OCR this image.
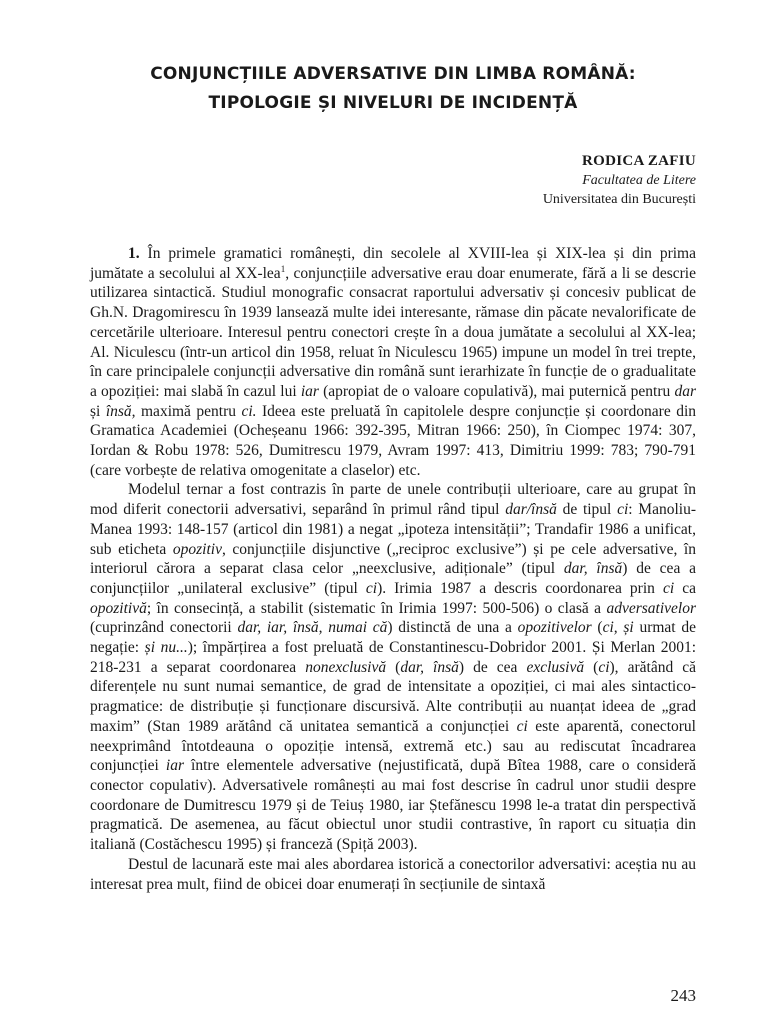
CONJUNCȚIILE ADVERSATIVE DIN LIMBA ROMÂNĂ:
TIPOLOGIE ȘI NIVELURI DE INCIDENȚĂ
RODICA ZAFIU
Facultatea de Litere
Universitatea din București

1. În primele gramatici românești, din secolele al XVIII-lea și XIX-lea și din prima jumătate a secolului al XX-lea$^1$, conjuncțiile adversative erau doar enumerate, fără a li se descrie utilizarea sintactică. Studiul monografic consacrat raportului adversativ și concesiv publicat de Gh.N. Dragomirescu în 1939 lansează multe idei interesante, rămase din păcate nevalorificate de cercetările ulterioare. Interesul pentru conectori crește în a doua jumătate a secolului al XX-lea; Al. Niculescu (într-un articol din 1958, reluat în Niculescu 1965) impune un model în trei trepte, în care principalele conjuncții adversative din română sunt ierarhizate în funcție de o gradualitate a opoziției: mai slabă în cazul lui iar (apropiat de o valoare copulativă), mai puternică pentru dar și însă, maximă pentru ci. Ideea este preluată în capitolele despre conjuncție și coordonare din Gramatica Academiei (Ocheșeanu 1966: 392-395, Mitran 1966: 250), în Ciompec 1974: 307, Iordan & Robu 1978: 526, Dumitrescu 1979, Avram 1997: 413, Dimitriu 1999: 783; 790-791 (care vorbește de relativa omogenitate a claselor) etc.

Modelul ternar a fost contrazis în parte de unele contribuții ulterioare, care au grupat în mod diferit conectorii adversativi, separând în primul rând tipul dar/însă de tipul ci: Manoliu-Manea 1993: 148-157 (articol din 1981) a negat „ipoteza intensității”; Trandafir 1986 a unificat, sub eticheta opozitiv, conjuncțiile disjunctive („reciproc exclusive”) și pe cele adversative, în interiorul cărora a separat clasa celor „neexclusive, adiționale” (tipul dar, însă) de cea a conjuncțiilor „unilateral exclusive” (tipul ci). Irimia 1987 a descris coordonarea prin ci ca opozitivă; în consecință, a stabilit (sistematic în Irimia 1997: 500-506) o clasă a adversativelor (cuprinzând conectorii dar, iar, însă, numai că) distinctă de una a opozitivelor (ci, și urmat de negație: și nu...); împărțirea a fost preluată de Constantinescu-Dobridor 2001. Și Merlan 2001: 218-231 a separat coordonarea nonexclusivă (dar, însă) de cea exclusivă (ci), arătând că diferențele nu sunt numai semantice, de grad de intensitate a opoziției, ci mai ales sintactico-pragmatice: de distribuție și funcționare discursivă. Alte contribuții au nuanțat ideea de „grad maxim” (Stan 1989 arătând că unitatea semantică a conjuncției ci este aparentă, conectorul neexprimând întotdeauna o opoziție intensă, extremă etc.) sau au rediscutat încadrarea conjuncției iar între elementele adversative (nejustificată, după Bîtea 1988, care o consideră conector copulativ). Adversativele românești au mai fost descrise în cadrul unor studii despre coordonare de Dumitrescu 1979 și de Teiuș 1980, iar Ștefănescu 1998 le-a tratat din perspectivă pragmatică. De asemenea, au făcut obiectul unor studii contrastive, în raport cu situația din italiană (Costăchescu 1995) și franceză (Spiță 2003).

Destul de lacunară este mai ales abordarea istorică a conectorilor adversativi: aceștia nu au interesat prea mult, fiind de obicei doar enumerați în secțiunile de sintaxă

243
